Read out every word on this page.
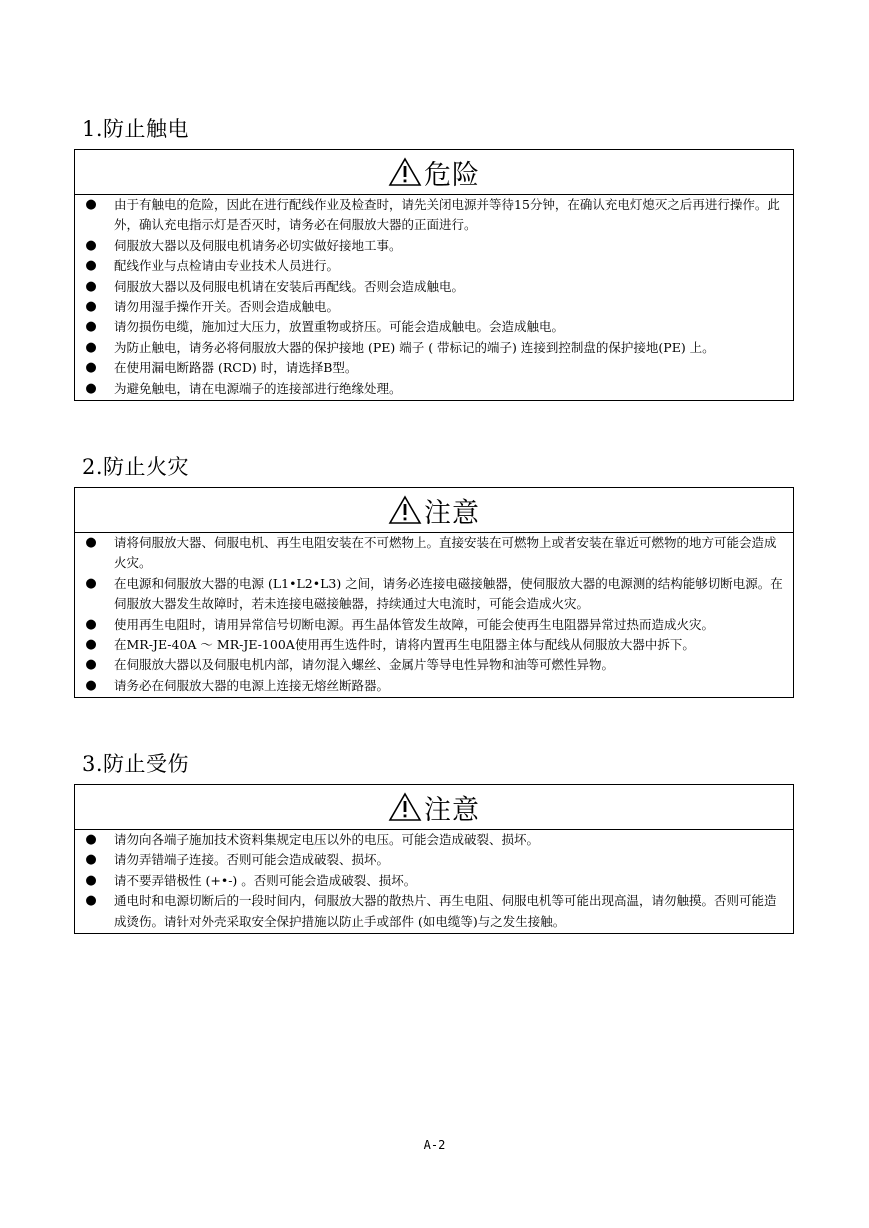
1.防止触电
危险
● 由于有触电的危险，因此在进行配线作业及检查时，请先关闭电源并等待15分钟，在确认充电灯熄灭之后再进行操作。此外，确认充电指示灯是否灭时，请务必在伺服放大器的正面进行。
● 伺服放大器以及伺服电机请务必切实做好接地工事。
● 配线作业与点检请由专业技术人员进行。
● 伺服放大器以及伺服电机请在安装后再配线。否则会造成触电。
● 请勿用湿手操作开关。否则会造成触电。
● 请勿损伤电缆，施加过大压力，放置重物或挤压。可能会造成触电。会造成触电。
● 为防止触电，请务必将伺服放大器的保护接地 (PE) 端子 ( 带标记的端子) 连接到控制盘的保护接地(PE) 上。
● 在使用漏电断路器 (RCD) 时，请选择B型。
● 为避免触电，请在电源端子的连接部进行绝缘处理。
2.防止火灾
注意
● 请将伺服放大器、伺服电机、再生电阻安装在不可燃物上。直接安装在可燃物上或者安装在靠近可燃物的地方可能会造成火灾。
● 在电源和伺服放大器的电源 (L1•L2•L3) 之间，请务必连接电磁接触器，使伺服放大器的电源测的结构能够切断电源。在伺服放大器发生故障时，若未连接电磁接触器，持续通过大电流时，可能会造成火灾。
● 使用再生电阻时，请用异常信号切断电源。再生晶体管发生故障，可能会使再生电阻器异常过热而造成火灾。
● 在MR-JE-40A ～ MR-JE-100A使用再生选件时，请将内置再生电阻器主体与配线从伺服放大器中拆下。
● 在伺服放大器以及伺服电机内部，请勿混入螺丝、金属片等导电性异物和油等可燃性异物。
● 请务必在伺服放大器的电源上连接无熔丝断路器。
3.防止受伤
注意
● 请勿向各端子施加技术资料集规定电压以外的电压。可能会造成破裂、损坏。
● 请勿弄错端子连接。否则可能会造成破裂、损坏。
● 请不要弄错极性 (+•-) 。否则可能会造成破裂、损坏。
● 通电时和电源切断后的一段时间内，伺服放大器的散热片、再生电阻、伺服电机等可能出现高温，请勿触摸。否则可能造成烫伤。请针对外壳采取安全保护措施以防止手或部件 (如电缆等)与之发生接触。
A-2
